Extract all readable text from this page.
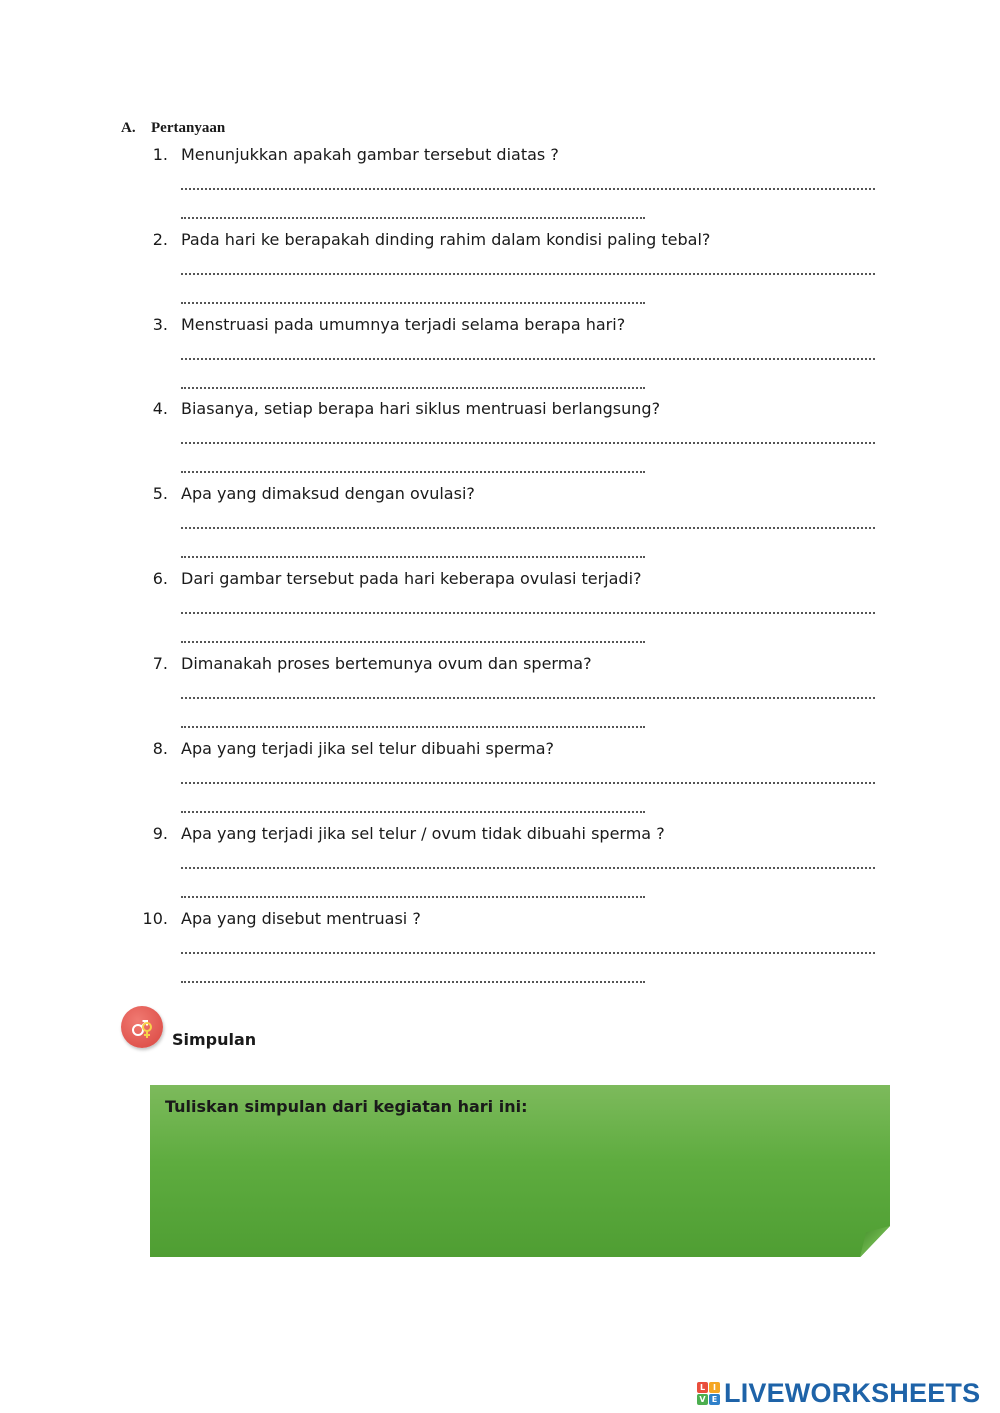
A. Pertanyaan
1. Menunjukkan apakah gambar tersebut diatas ?
2. Pada hari ke berapakah dinding rahim dalam kondisi paling tebal?
3. Menstruasi pada umumnya terjadi selama berapa hari?
4. Biasanya, setiap berapa hari siklus mentruasi berlangsung?
5. Apa yang dimaksud dengan ovulasi?
6. Dari gambar tersebut pada hari keberapa ovulasi terjadi?
7. Dimanakah proses bertemunya ovum dan sperma?
8. Apa yang terjadi jika sel telur dibuahi sperma?
9. Apa yang terjadi jika sel telur / ovum tidak dibuahi sperma ?
10. Apa yang disebut mentruasi ?
Simpulan
Tuliskan simpulan dari kegiatan hari ini:
L I
V E LIVEWORKSHEETS
